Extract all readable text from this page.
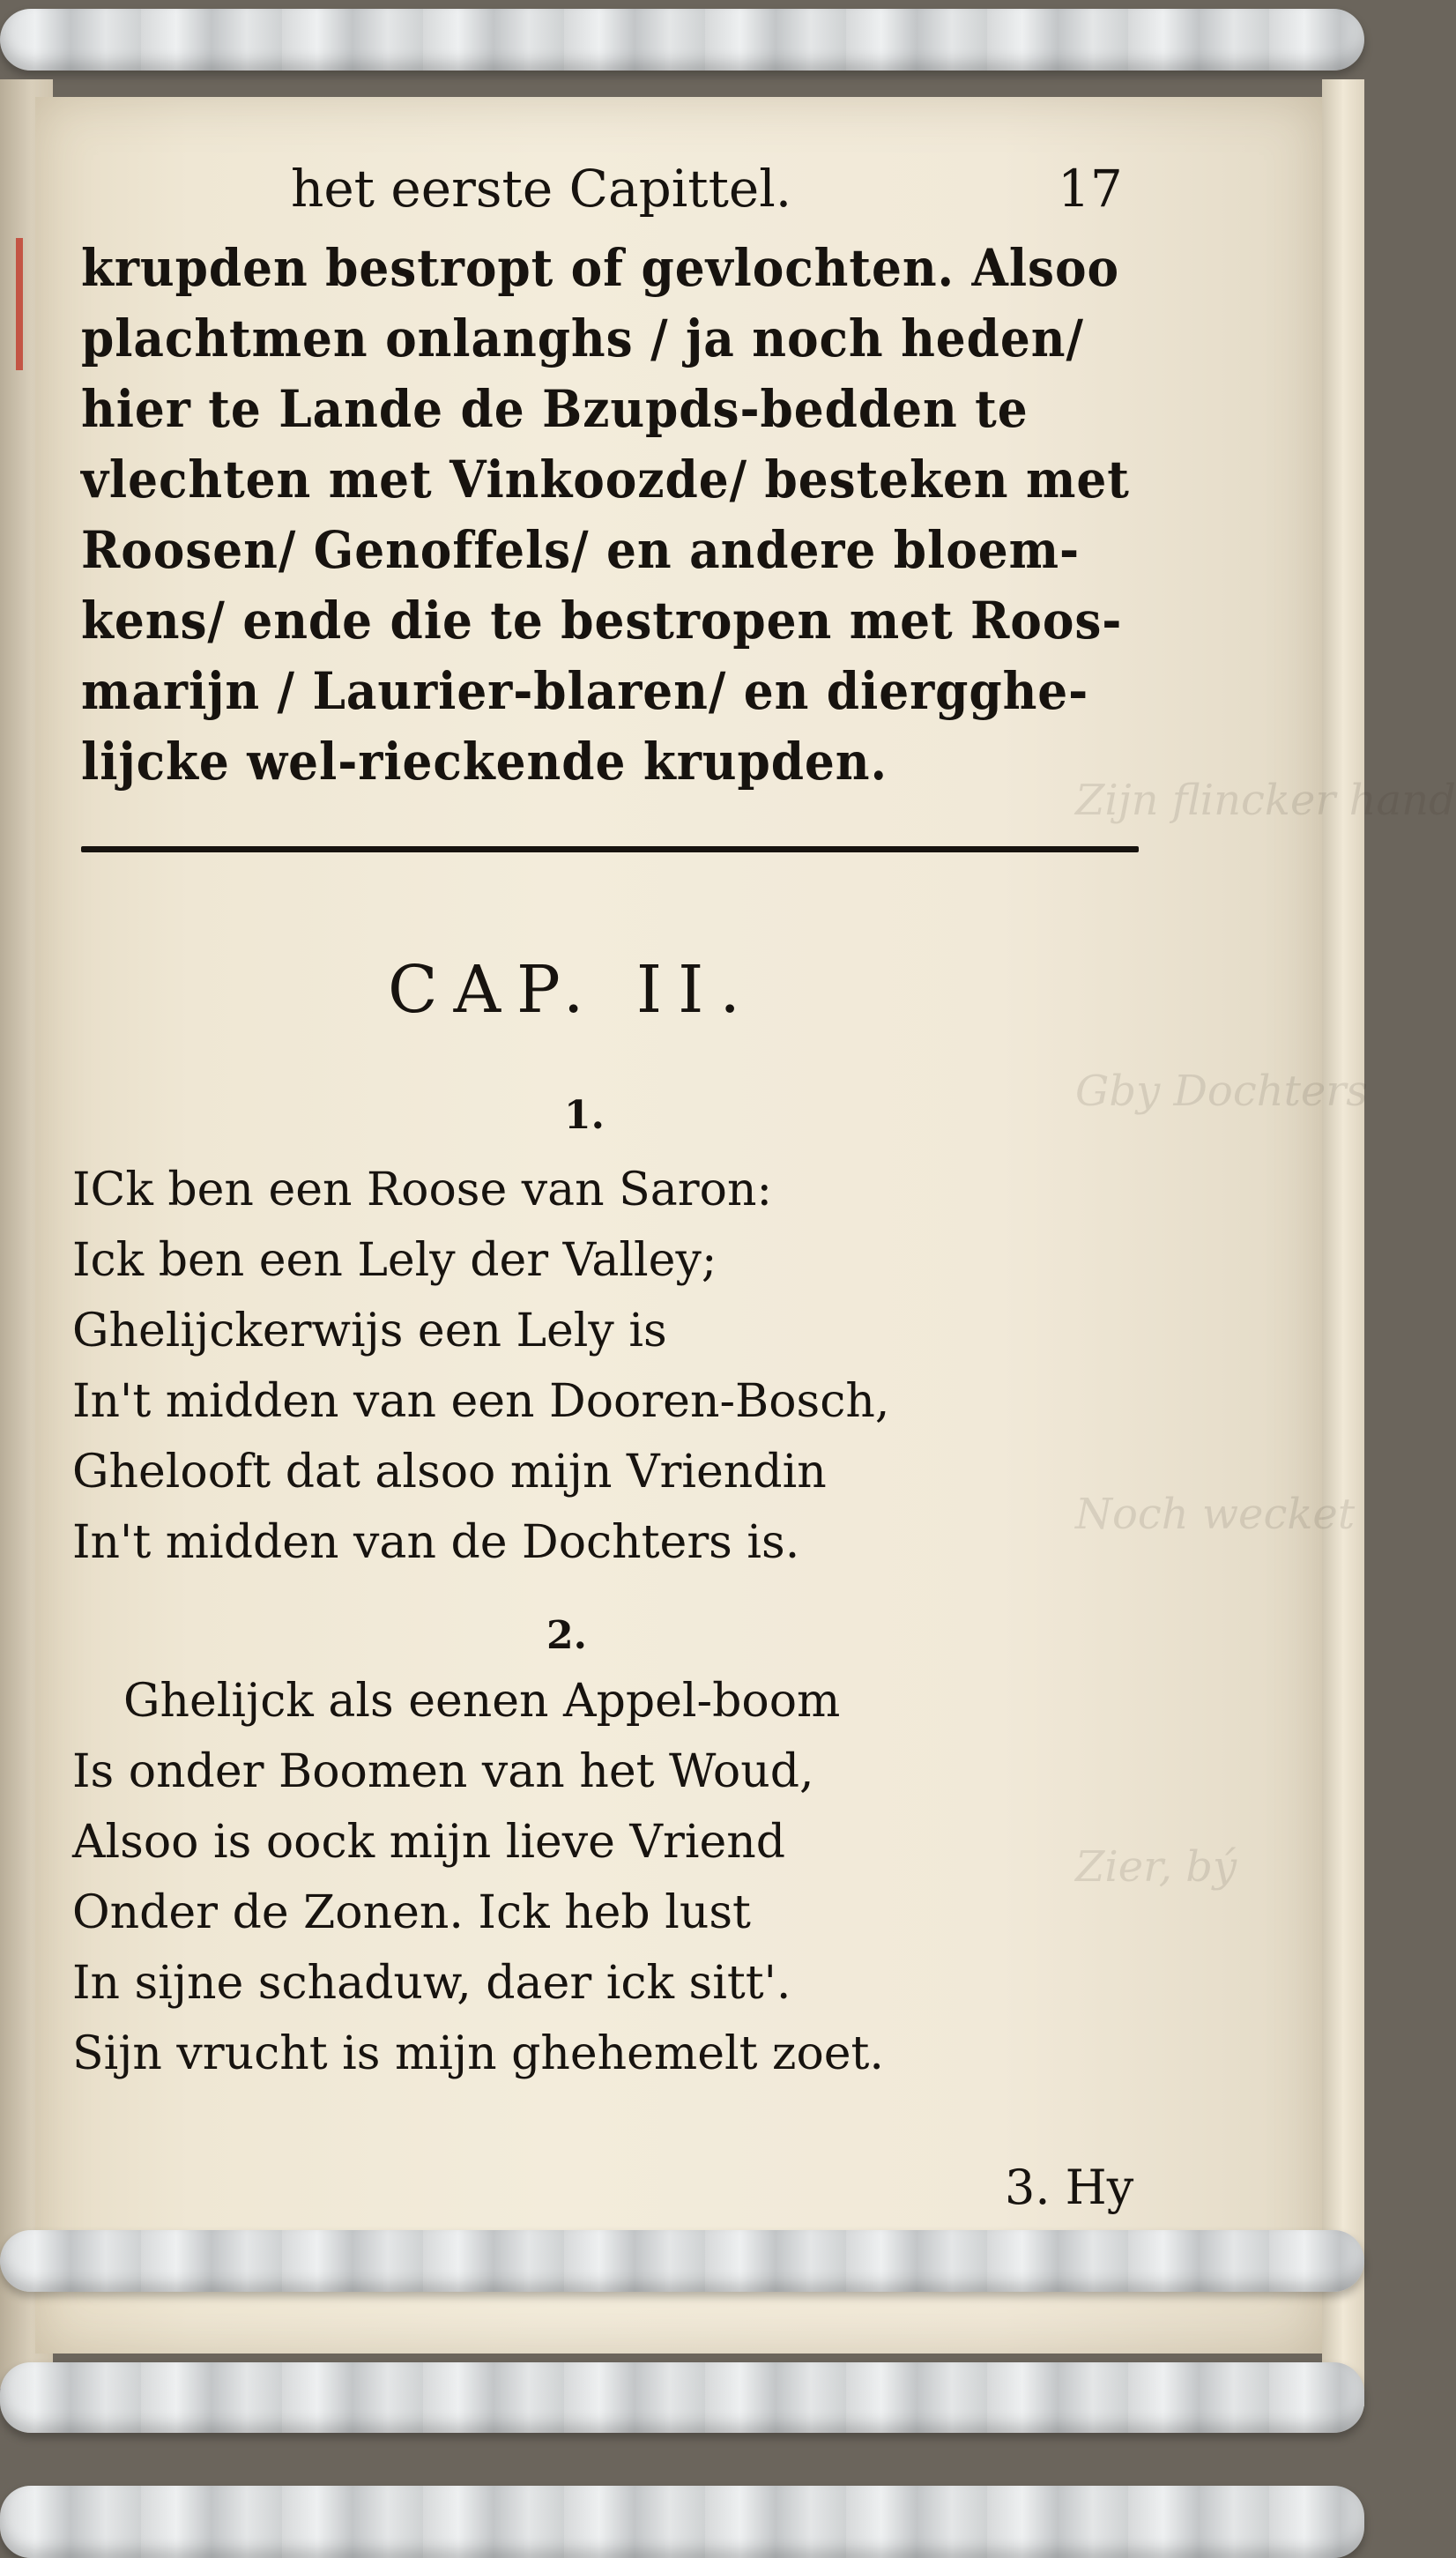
Zijn flincker hand
Gby Dochters
Noch wecket
Zier, bý
het eerste Capittel.	17
krupden bestropt of gevlochten. Alsoo
plachtmen onlanghs / ja noch heden/
hier te Lande de Bzupds-bedden te
vlechten met Vinkoozde/ besteken met
Roosen/ Genoffels/ en andere bloem-
kens/ ende die te bestropen met Roos-
marijn / Laurier-blaren/ en diergghe-
lijcke wel-rieckende krupden.
CAP. II.
1.
ICk ben een Roose van Saron:
Ick ben een Lely der Valley;
Ghelijckerwijs een Lely is
In't midden van een Dooren-Bosch,
Ghelooft dat alsoo mijn Vriendin
In't midden van de Dochters is.
2.
Ghelijck als eenen Appel-boom
Is onder Boomen van het Woud,
Alsoo is oock mijn lieve Vriend
Onder de Zonen. Ick heb lust
In sijne schaduw, daer ick sitt'.
Sijn vrucht is mijn ghehemelt zoet.
3. Hy
